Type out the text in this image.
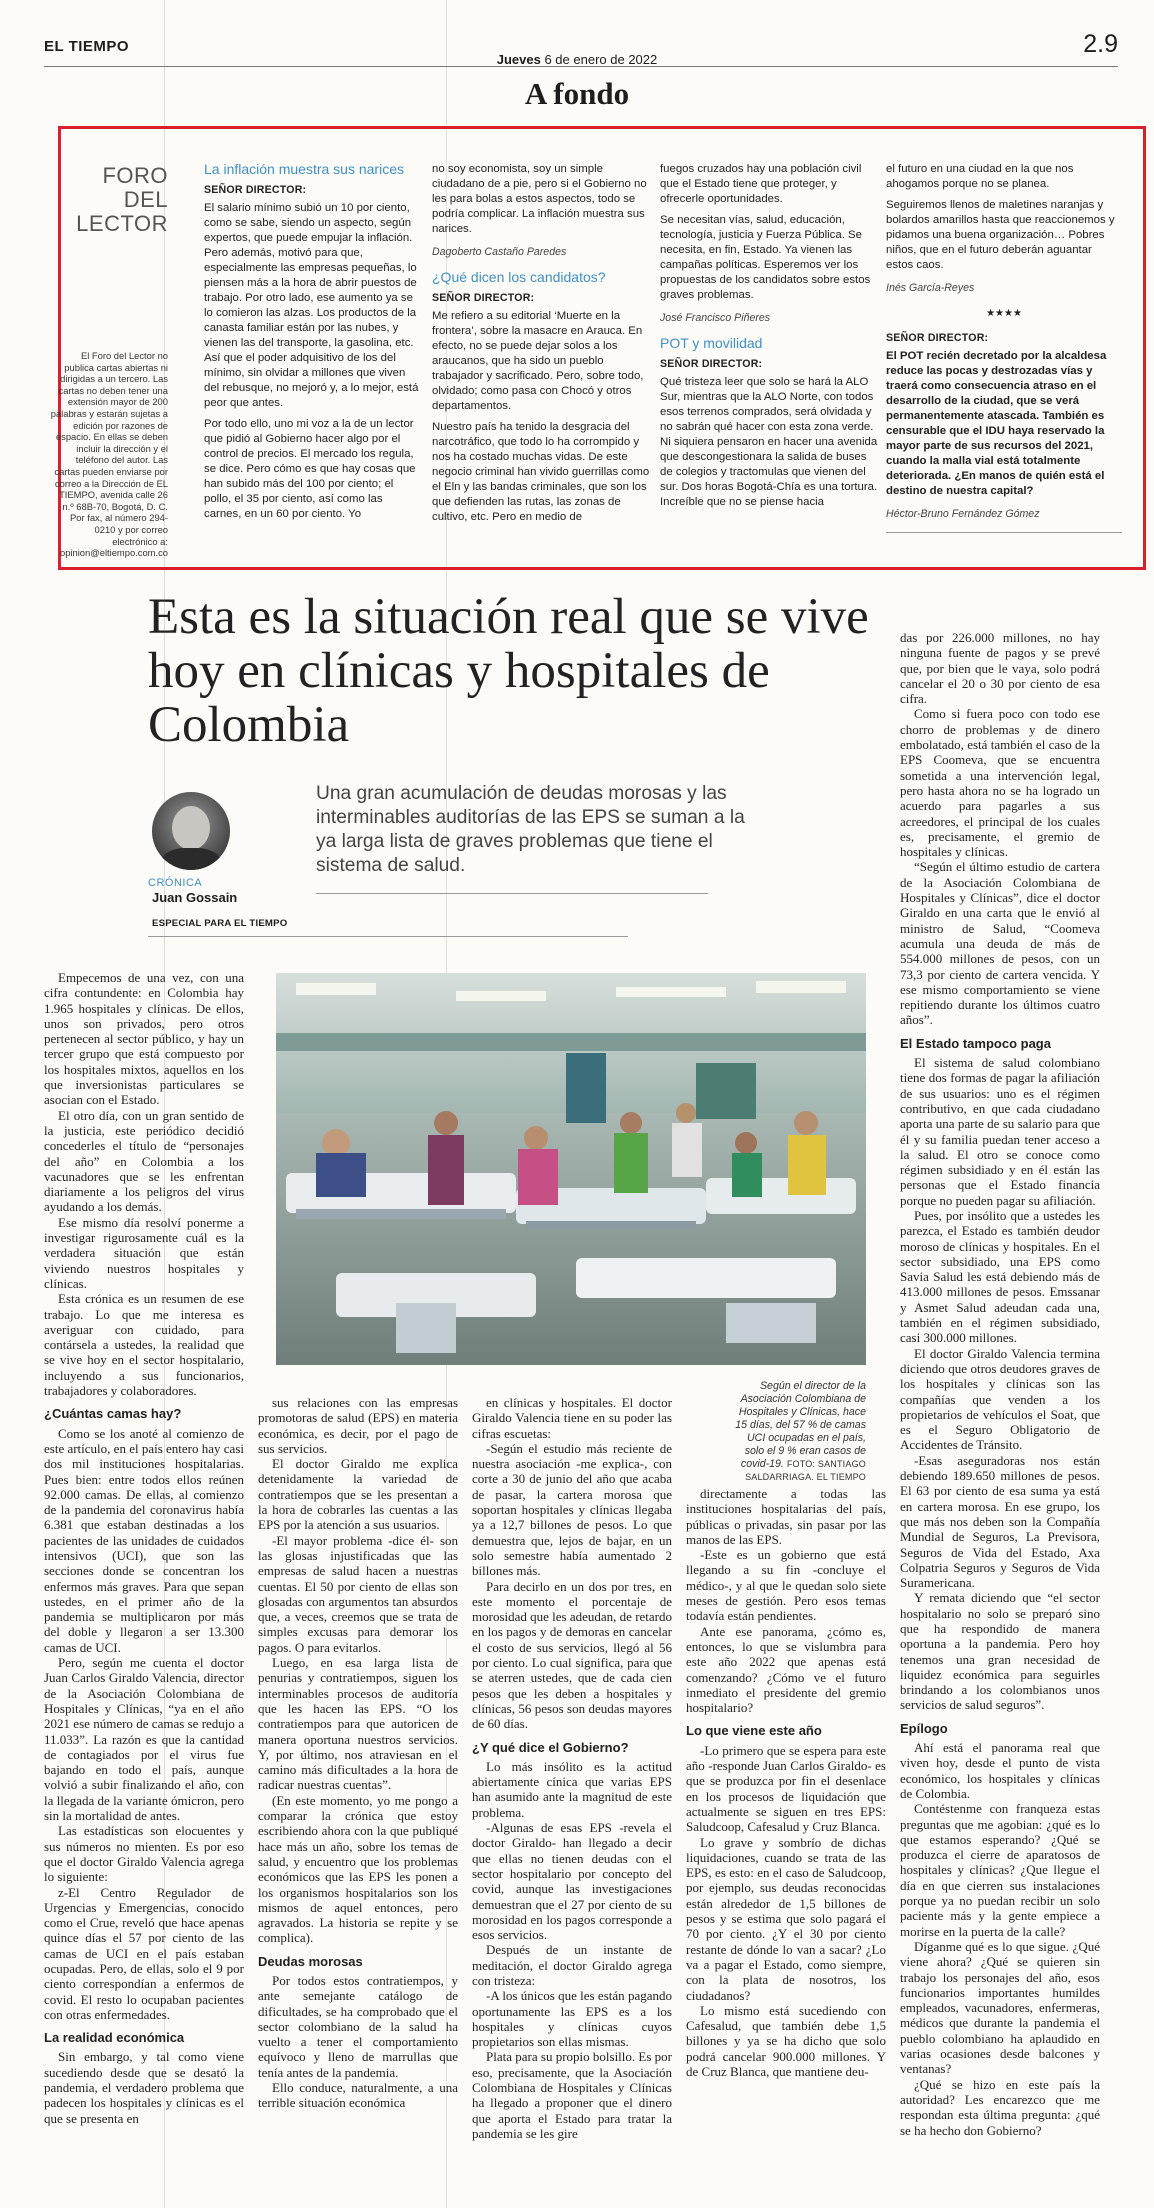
EL TIEMPO
Jueves 6 de enero de 2022
2.9
A fondo
FORO DEL
LECTOR
El Foro del Lector no publica cartas abiertas ni dirigidas a un tercero. Las cartas no deben tener una extensión mayor de 200 palabras y estarán sujetas a edición por razones de espacio. En ellas se deben incluir la dirección y el teléfono del autor. Las cartas pueden enviarse por correo a la Dirección de EL TIEMPO, avenida calle 26 n.º 68B-70, Bogotá, D. C. Por fax, al número 294-0210 y por correo electrónico a: opinion@eltiempo.com.co
La inflación muestra sus narices
SEÑOR DIRECTOR:

El salario mínimo subió un 10 por ciento, como se sabe, siendo un aspecto, según expertos, que puede empujar la inflación. Pero además, motivó para que, especialmente las empresas pequeñas, lo piensen más a la hora de abrir puestos de trabajo. Por otro lado, ese aumento ya se lo comieron las alzas. Los productos de la canasta familiar están por las nubes, y vienen las del transporte, la gasolina, etc. Así que el poder adquisitivo de los del mínimo, sin olvidar a millones que viven del rebusque, no mejoró y, a lo mejor, está peor que antes.

Por todo ello, uno mi voz a la de un lector que pidió al Gobierno hacer algo por el control de precios. El mercado los regula, se dice. Pero cómo es que hay cosas que han subido más del 100 por ciento; el pollo, el 35 por ciento, así como las carnes, en un 60 por ciento. Yo

no soy economista, soy un simple ciudadano de a pie, pero si el Gobierno no les para bolas a estos aspectos, todo se podría complicar. La inflación muestra sus narices.

Dagoberto Castaño Paredes
¿Qué dicen los candidatos?
SEÑOR DIRECTOR:

Me refiero a su editorial ‘Muerte en la frontera’, sobre la masacre en Arauca. En efecto, no se puede dejar solos a los araucanos, que ha sido un pueblo trabajador y sacrificado. Pero, sobre todo, olvidado; como pasa con Chocó y otros departamentos.

Nuestro país ha tenido la desgracia del narcotráfico, que todo lo ha corrompido y nos ha costado muchas vidas. De este negocio criminal han vivido guerrillas como el Eln y las bandas criminales, que son los que defienden las rutas, las zonas de cultivo, etc. Pero en medio de

fuegos cruzados hay una población civil que el Estado tiene que proteger, y ofrecerle oportunidades.

Se necesitan vías, salud, educación, tecnología, justicia y Fuerza Pública. Se necesita, en fin, Estado. Ya vienen las campañas políticas. Esperemos ver los propuestas de los candidatos sobre estos graves problemas.

José Francisco Piñeres
POT y movilidad
SEÑOR DIRECTOR:

Qué tristeza leer que solo se hará la ALO Sur, mientras que la ALO Norte, con todos esos terrenos comprados, será olvidada y no sabrán qué hacer con esta zona verde. Ni siquiera pensaron en hacer una avenida que descongestionara la salida de buses de colegios y tractomulas que vienen del sur. Dos horas Bogotá-Chía es una tortura. Increíble que no se piense hacia

el futuro en una ciudad en la que nos ahogamos porque no se planea.

Seguiremos llenos de maletines naranjas y bolardos amarillos hasta que reaccionemos y pidamos una buena organización… Pobres niños, que en el futuro deberán aguantar estos caos.

Inés García-Reyes
★★★★
SEÑOR DIRECTOR:

El POT recién decretado por la alcaldesa reduce las pocas y destrozadas vías y traerá como consecuencia atraso en el desarrollo de la ciudad, que se verá permanentemente atascada. También es censurable que el IDU haya reservado la mayor parte de sus recursos del 2021, cuando la malla vial está totalmente deteriorada. ¿En manos de quién está el destino de nuestra capital?

Héctor-Bruno Fernández Gómez
Esta es la situación real que se vive hoy en clínicas y hospitales de Colombia
CRÓNICA
Juan Gossain
ESPECIAL PARA EL TIEMPO
Una gran acumulación de deudas morosas y las interminables auditorías de las EPS se suman a la ya larga lista de graves problemas que tiene el sistema de salud.
Según el director de la Asociación Colombiana de Hospitales y Clínicas, hace 15 días, del 57 % de camas UCI ocupadas en el país, solo el 9 % eran casos de covid-19. FOTO: SANTIAGO
SALDARRIAGA. EL TIEMPO

Empecemos de una vez, con una cifra contundente: en Colombia hay 1.965 hospitales y clínicas. De ellos, unos son privados, pero otros pertenecen al sector público, y hay un tercer grupo que está compuesto por los hospitales mixtos, aquellos en los que inversionistas particulares se asocian con el Estado.

El otro día, con un gran sentido de la justicia, este periódico decidió concederles el título de “personajes del año” en Colombia a los vacunadores que se les enfrentan diariamente a los peligros del virus ayudando a los demás.

Ese mismo día resolví ponerme a investigar rigurosamente cuál es la verdadera situación que están viviendo nuestros hospitales y clínicas.

Esta crónica es un resumen de ese trabajo. Lo que me interesa es averiguar con cuidado, para contársela a ustedes, la realidad que se vive hoy en el sector hospitalario, incluyendo a sus funcionarios, trabajadores y colaboradores.

¿Cuántas camas hay?

Como se los anoté al comienzo de este artículo, en el país entero hay casi dos mil instituciones hospitalarias. Pues bien: entre todos ellos reúnen 92.000 camas. De ellas, al comienzo de la pandemia del coronavirus había 6.381 que estaban destinadas a los pacientes de las unidades de cuidados intensivos (UCI), que son las secciones donde se concentran los enfermos más graves. Para que sepan ustedes, en el primer año de la pandemia se multiplicaron por más del doble y llegaron a ser 13.300 camas de UCI.

Pero, según me cuenta el doctor Juan Carlos Giraldo Valencia, director de la Asociación Colombiana de Hospitales y Clínicas, “ya en el año 2021 ese número de camas se redujo a 11.033”. La razón es que la cantidad de contagiados por el virus fue bajando en todo el país, aunque volvió a subir finalizando el año, con la llegada de la variante ómicron, pero sin la mortalidad de antes.

Las estadísticas son elocuentes y sus números no mienten. Es por eso que el doctor Giraldo Valencia agrega lo siguiente:

z-El Centro Regulador de Urgencias y Emergencias, conocido como el Crue, reveló que hace apenas quince días el 57 por ciento de las camas de UCI en el país estaban ocupadas. Pero, de ellas, solo el 9 por ciento correspondían a enfermos de covid. El resto lo ocupaban pacientes con otras enfermedades.

La realidad económica

Sin embargo, y tal como viene sucediendo desde que se desató la pandemia, el verdadero problema que padecen los hospitales y clínicas es el que se presenta en

sus relaciones con las empresas promotoras de salud (EPS) en materia económica, es decir, por el pago de sus servicios.

El doctor Giraldo me explica detenidamente la variedad de contratiempos que se les presentan a la hora de cobrarles las cuentas a las EPS por la atención a sus usuarios.

-El mayor problema -dice él- son las glosas injustificadas que las empresas de salud hacen a nuestras cuentas. El 50 por ciento de ellas son glosadas con argumentos tan absurdos que, a veces, creemos que se trata de simples excusas para demorar los pagos. O para evitarlos.

Luego, en esa larga lista de penurias y contratiempos, siguen los interminables procesos de auditoría que les hacen las EPS. “O los contratiempos para que autoricen de manera oportuna nuestros servicios. Y, por último, nos atraviesan en el camino más dificultades a la hora de radicar nuestras cuentas”.

(En este momento, yo me pongo a comparar la crónica que estoy escribiendo ahora con la que publiqué hace más un año, sobre los temas de salud, y encuentro que los problemas económicos que las EPS les ponen a los organismos hospitalarios son los mismos de aquel entonces, pero agravados. La historia se repite y se complica).

Deudas morosas

Por todos estos contratiempos, y ante semejante catálogo de dificultades, se ha comprobado que el sector colombiano de la salud ha vuelto a tener el comportamiento equívoco y lleno de marrullas que tenía antes de la pandemia.

Ello conduce, naturalmente, a una terrible situación económica

en clínicas y hospitales. El doctor Giraldo Valencia tiene en su poder las cifras escuetas:

-Según el estudio más reciente de nuestra asociación -me explica-, con corte a 30 de junio del año que acaba de pasar, la cartera morosa que soportan hospitales y clínicas llegaba ya a 12,7 billones de pesos. Lo que demuestra que, lejos de bajar, en un solo semestre había aumentado 2 billones más.

Para decirlo en un dos por tres, en este momento el porcentaje de morosidad que les adeudan, de retardo en los pagos y de demoras en cancelar el costo de sus servicios, llegó al 56 por ciento. Lo cual significa, para que se aterren ustedes, que de cada cien pesos que les deben a hospitales y clínicas, 56 pesos son deudas mayores de 60 días.

¿Y qué dice el Gobierno?

Lo más insólito es la actitud abiertamente cínica que varias EPS han asumido ante la magnitud de este problema.

-Algunas de esas EPS -revela el doctor Giraldo- han llegado a decir que ellas no tienen deudas con el sector hospitalario por concepto del covid, aunque las investigaciones demuestran que el 27 por ciento de su morosidad en los pagos corresponde a esos servicios.

Después de un instante de meditación, el doctor Giraldo agrega con tristeza:

-A los únicos que les están pagando oportunamente las EPS es a los hospitales y clínicas cuyos propietarios son ellas mismas.

Plata para su propio bolsillo. Es por eso, precisamente, que la Asociación Colombiana de Hospitales y Clínicas ha llegado a proponer que el dinero que aporta el Estado para tratar la pandemia se les gire

directamente a todas las instituciones hospitalarias del país, públicas o privadas, sin pasar por las manos de las EPS.

-Este es un gobierno que está llegando a su fin -concluye el médico-, y al que le quedan solo siete meses de gestión. Pero esos temas todavía están pendientes.

Ante ese panorama, ¿cómo es, entonces, lo que se vislumbra para este año 2022 que apenas está comenzando? ¿Cómo ve el futuro inmediato el presidente del gremio hospitalario?

Lo que viene este año

-Lo primero que se espera para este año -responde Juan Carlos Giraldo- es que se produzca por fin el desenlace en los procesos de liquidación que actualmente se siguen en tres EPS: Saludcoop, Cafesalud y Cruz Blanca.

Lo grave y sombrío de dichas liquidaciones, cuando se trata de las EPS, es esto: en el caso de Saludcoop, por ejemplo, sus deudas reconocidas están alrededor de 1,5 billones de pesos y se estima que solo pagará el 70 por ciento. ¿Y el 30 por ciento restante de dónde lo van a sacar? ¿Lo va a pagar el Estado, como siempre, con la plata de nosotros, los ciudadanos?

Lo mismo está sucediendo con Cafesalud, que también debe 1,5 billones y ya se ha dicho que solo podrá cancelar 900.000 millones. Y de Cruz Blanca, que mantiene deu-

das por 226.000 millones, no hay ninguna fuente de pagos y se prevé que, por bien que le vaya, solo podrá cancelar el 20 o 30 por ciento de esa cifra.

Como si fuera poco con todo ese chorro de problemas y de dinero embolatado, está también el caso de la EPS Coomeva, que se encuentra sometida a una intervención legal, pero hasta ahora no se ha logrado un acuerdo para pagarles a sus acreedores, el principal de los cuales es, precisamente, el gremio de hospitales y clínicas.

“Según el último estudio de cartera de la Asociación Colombiana de Hospitales y Clínicas”, dice el doctor Giraldo en una carta que le envió al ministro de Salud, “Coomeva acumula una deuda de más de 554.000 millones de pesos, con un 73,3 por ciento de cartera vencida. Y ese mismo comportamiento se viene repitiendo durante los últimos cuatro años”.

El Estado tampoco paga

El sistema de salud colombiano tiene dos formas de pagar la afiliación de sus usuarios: uno es el régimen contributivo, en que cada ciudadano aporta una parte de su salario para que él y su familia puedan tener acceso a la salud. El otro se conoce como régimen subsidiado y en él están las personas que el Estado financia porque no pueden pagar su afiliación.

Pues, por insólito que a ustedes les parezca, el Estado es también deudor moroso de clínicas y hospitales. En el sector subsidiado, una EPS como Savia Salud les está debiendo más de 413.000 millones de pesos. Emssanar y Asmet Salud adeudan cada una, también en el régimen subsidiado, casi 300.000 millones.

El doctor Giraldo Valencia termina diciendo que otros deudores graves de los hospitales y clínicas son las compañías que venden a los propietarios de vehículos el Soat, que es el Seguro Obligatorio de Accidentes de Tránsito.

-Esas aseguradoras nos están debiendo 189.650 millones de pesos. El 63 por ciento de esa suma ya está en cartera morosa. En ese grupo, los que más nos deben son la Compañía Mundial de Seguros, La Previsora, Seguros de Vida del Estado, Axa Colpatria Seguros y Seguros de Vida Suramericana.

Y remata diciendo que “el sector hospitalario no solo se preparó sino que ha respondido de manera oportuna a la pandemia. Pero hoy tenemos una gran necesidad de liquidez económica para seguirles brindando a los colombianos unos servicios de salud seguros”.

Epílogo

Ahí está el panorama real que viven hoy, desde el punto de vista económico, los hospitales y clínicas de Colombia.

Contéstenme con franqueza estas preguntas que me agobian: ¿qué es lo que estamos esperando? ¿Qué se produzca el cierre de aparatosos de hospitales y clínicas? ¿Que llegue el día en que cierren sus instalaciones porque ya no puedan recibir un solo paciente más y la gente empiece a morirse en la puerta de la calle?

Díganme qué es lo que sigue. ¿Qué viene ahora? ¿Qué se quieren sin trabajo los personajes del año, esos funcionarios importantes humildes empleados, vacunadores, enfermeras, médicos que durante la pandemia el pueblo colombiano ha aplaudido en varias ocasiones desde balcones y ventanas?

¿Qué se hizo en este país la autoridad? Les encarezco que me respondan esta última pregunta: ¿qué se ha hecho don Gobierno?
